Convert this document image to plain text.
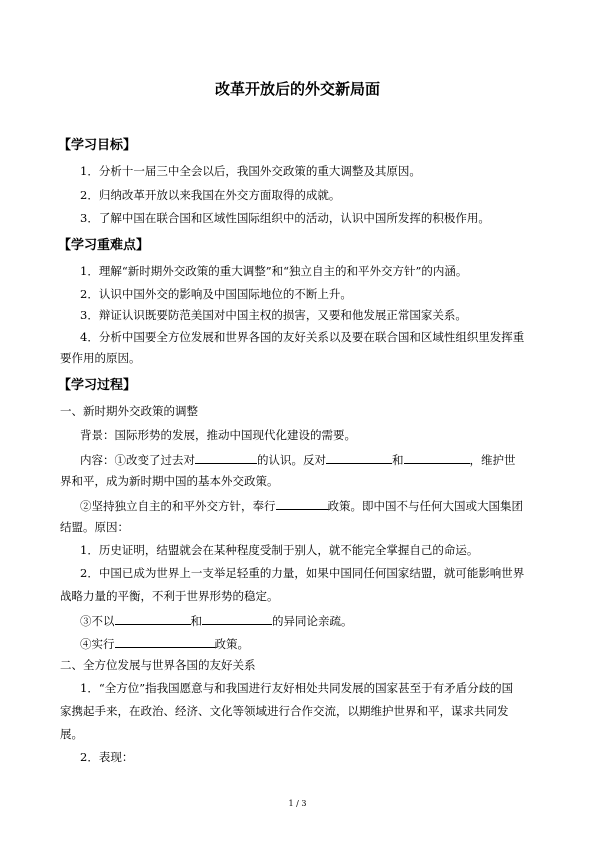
改革开放后的外交新局面
【学习目标】
1．分析十一届三中全会以后，我国外交政策的重大调整及其原因。
2．归纳改革开放以来我国在外交方面取得的成就。
3．了解中国在联合国和区域性国际组织中的活动，认识中国所发挥的积极作用。
【学习重难点】
1．理解“新时期外交政策的重大调整”和“独立自主的和平外交方针”的内涵。
2．认识中国外交的影响及中国国际地位的不断上升。
3．辩证认识既要防范美国对中国主权的损害，又要和他发展正常国家关系。
4．分析中国要全方位发展和世界各国的友好关系以及要在联合国和区域性组织里发挥重
要作用的原因。
【学习过程】
一、新时期外交政策的调整
背景：国际形势的发展，推动中国现代化建设的需要。
内容：①改变了过去对	的认识。反对	和	，维护世
界和平，成为新时期中国的基本外交政策。
②坚持独立自主的和平外交方针，奉行	政策。即中国不与任何大国或大国集团
结盟。原因：
1．历史证明，结盟就会在某种程度受制于别人，就不能完全掌握自己的命运。
2．中国已成为世界上一支举足轻重的力量，如果中国同任何国家结盟，就可能影响世界
战略力量的平衡，不利于世界形势的稳定。
③不以	和	的异同论亲疏。
④实行	政策。
二、全方位发展与世界各国的友好关系
1．“全方位”指我国愿意与和我国进行友好相处共同发展的国家甚至于有矛盾分歧的国
家携起手来，在政治、经济、文化等领域进行合作交流，以期维护世界和平，谋求共同发
展。
2．表现：
1 / 3
